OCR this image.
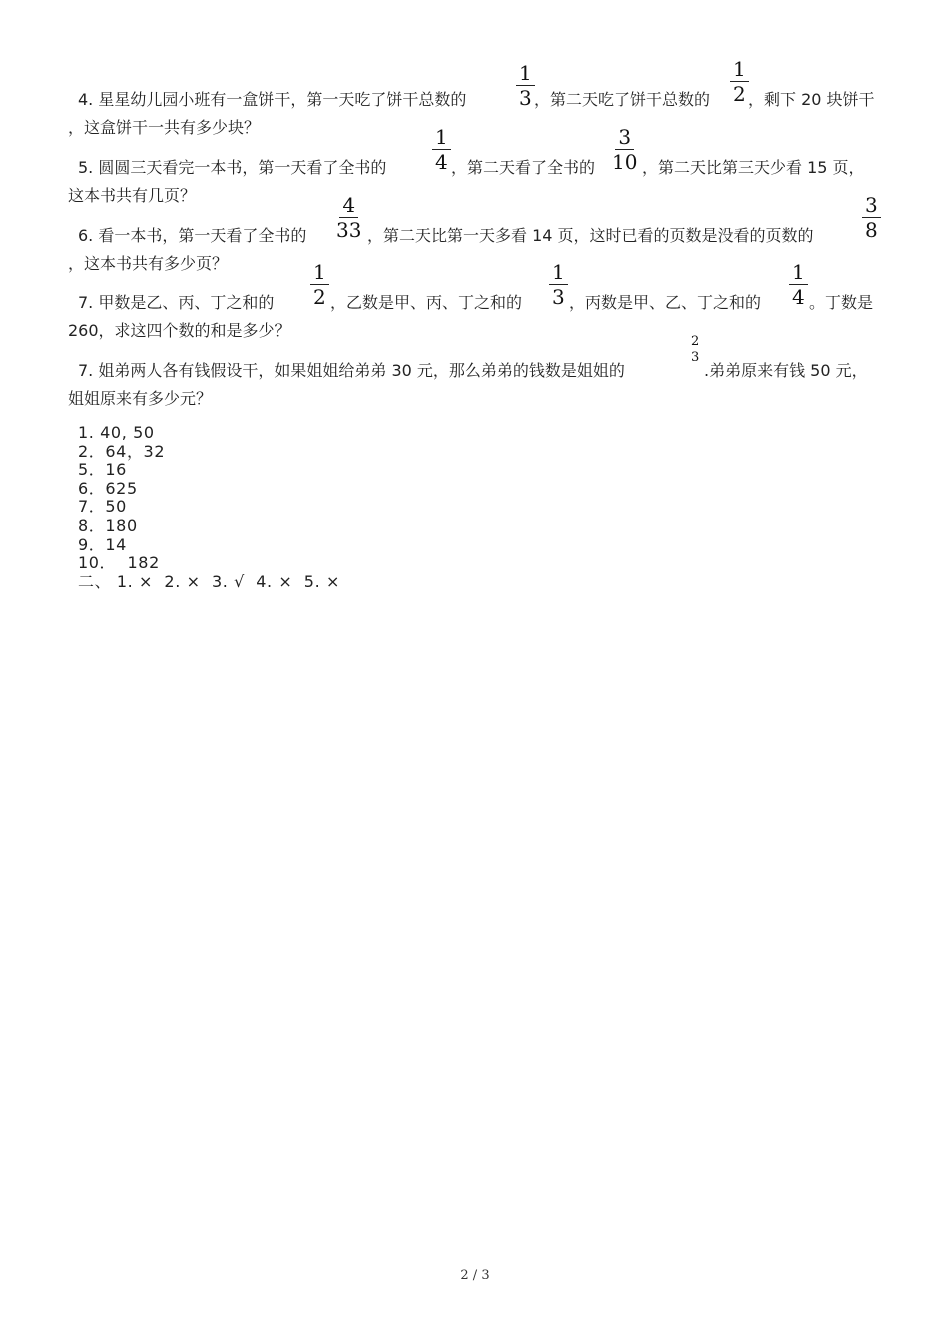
4. 星星幼儿园小班有一盒饼干，第一天吃了饼干总数的 $\frac{1}{3}$ ，第二天吃了饼干总数的 $\frac{1}{2}$ ，剩下 20 块饼干
，这盒饼干一共有多少块？
5. 圆圆三天看完一本书，第一天看了全书的 $\frac{1}{4}$ ，第二天看了全书的 $\frac{3}{10}$ ，第二天比第三天少看 15 页，
这本书共有几页？
6. 看一本书，第一天看了全书的 $\frac{4}{33}$ ，第二天比第一天多看 14 页，这时已看的页数是没看的页数的 $\frac{3}{8}$
，这本书共有多少页？
7. 甲数是乙、丙、丁之和的 $\frac{1}{2}$ ，乙数是甲、丙、丁之和的 $\frac{1}{3}$ ，丙数是甲、乙、丁之和的 $\frac{1}{4}$ 。丁数是
260，求这四个数的和是多少？
7. 姐弟两人各有钱假设干，如果姐姐给弟弟 30 元，那么弟弟的钱数是姐姐的
2
3
.弟弟原来有钱 50 元，
姐姐原来有多少元？
1. 40, 50
2．64，32
5．16
6．625
7．50
8．180
9．14
10．  182
二、 1. ×  2. ×  3. √  4. ×  5. ×
2 / 3
